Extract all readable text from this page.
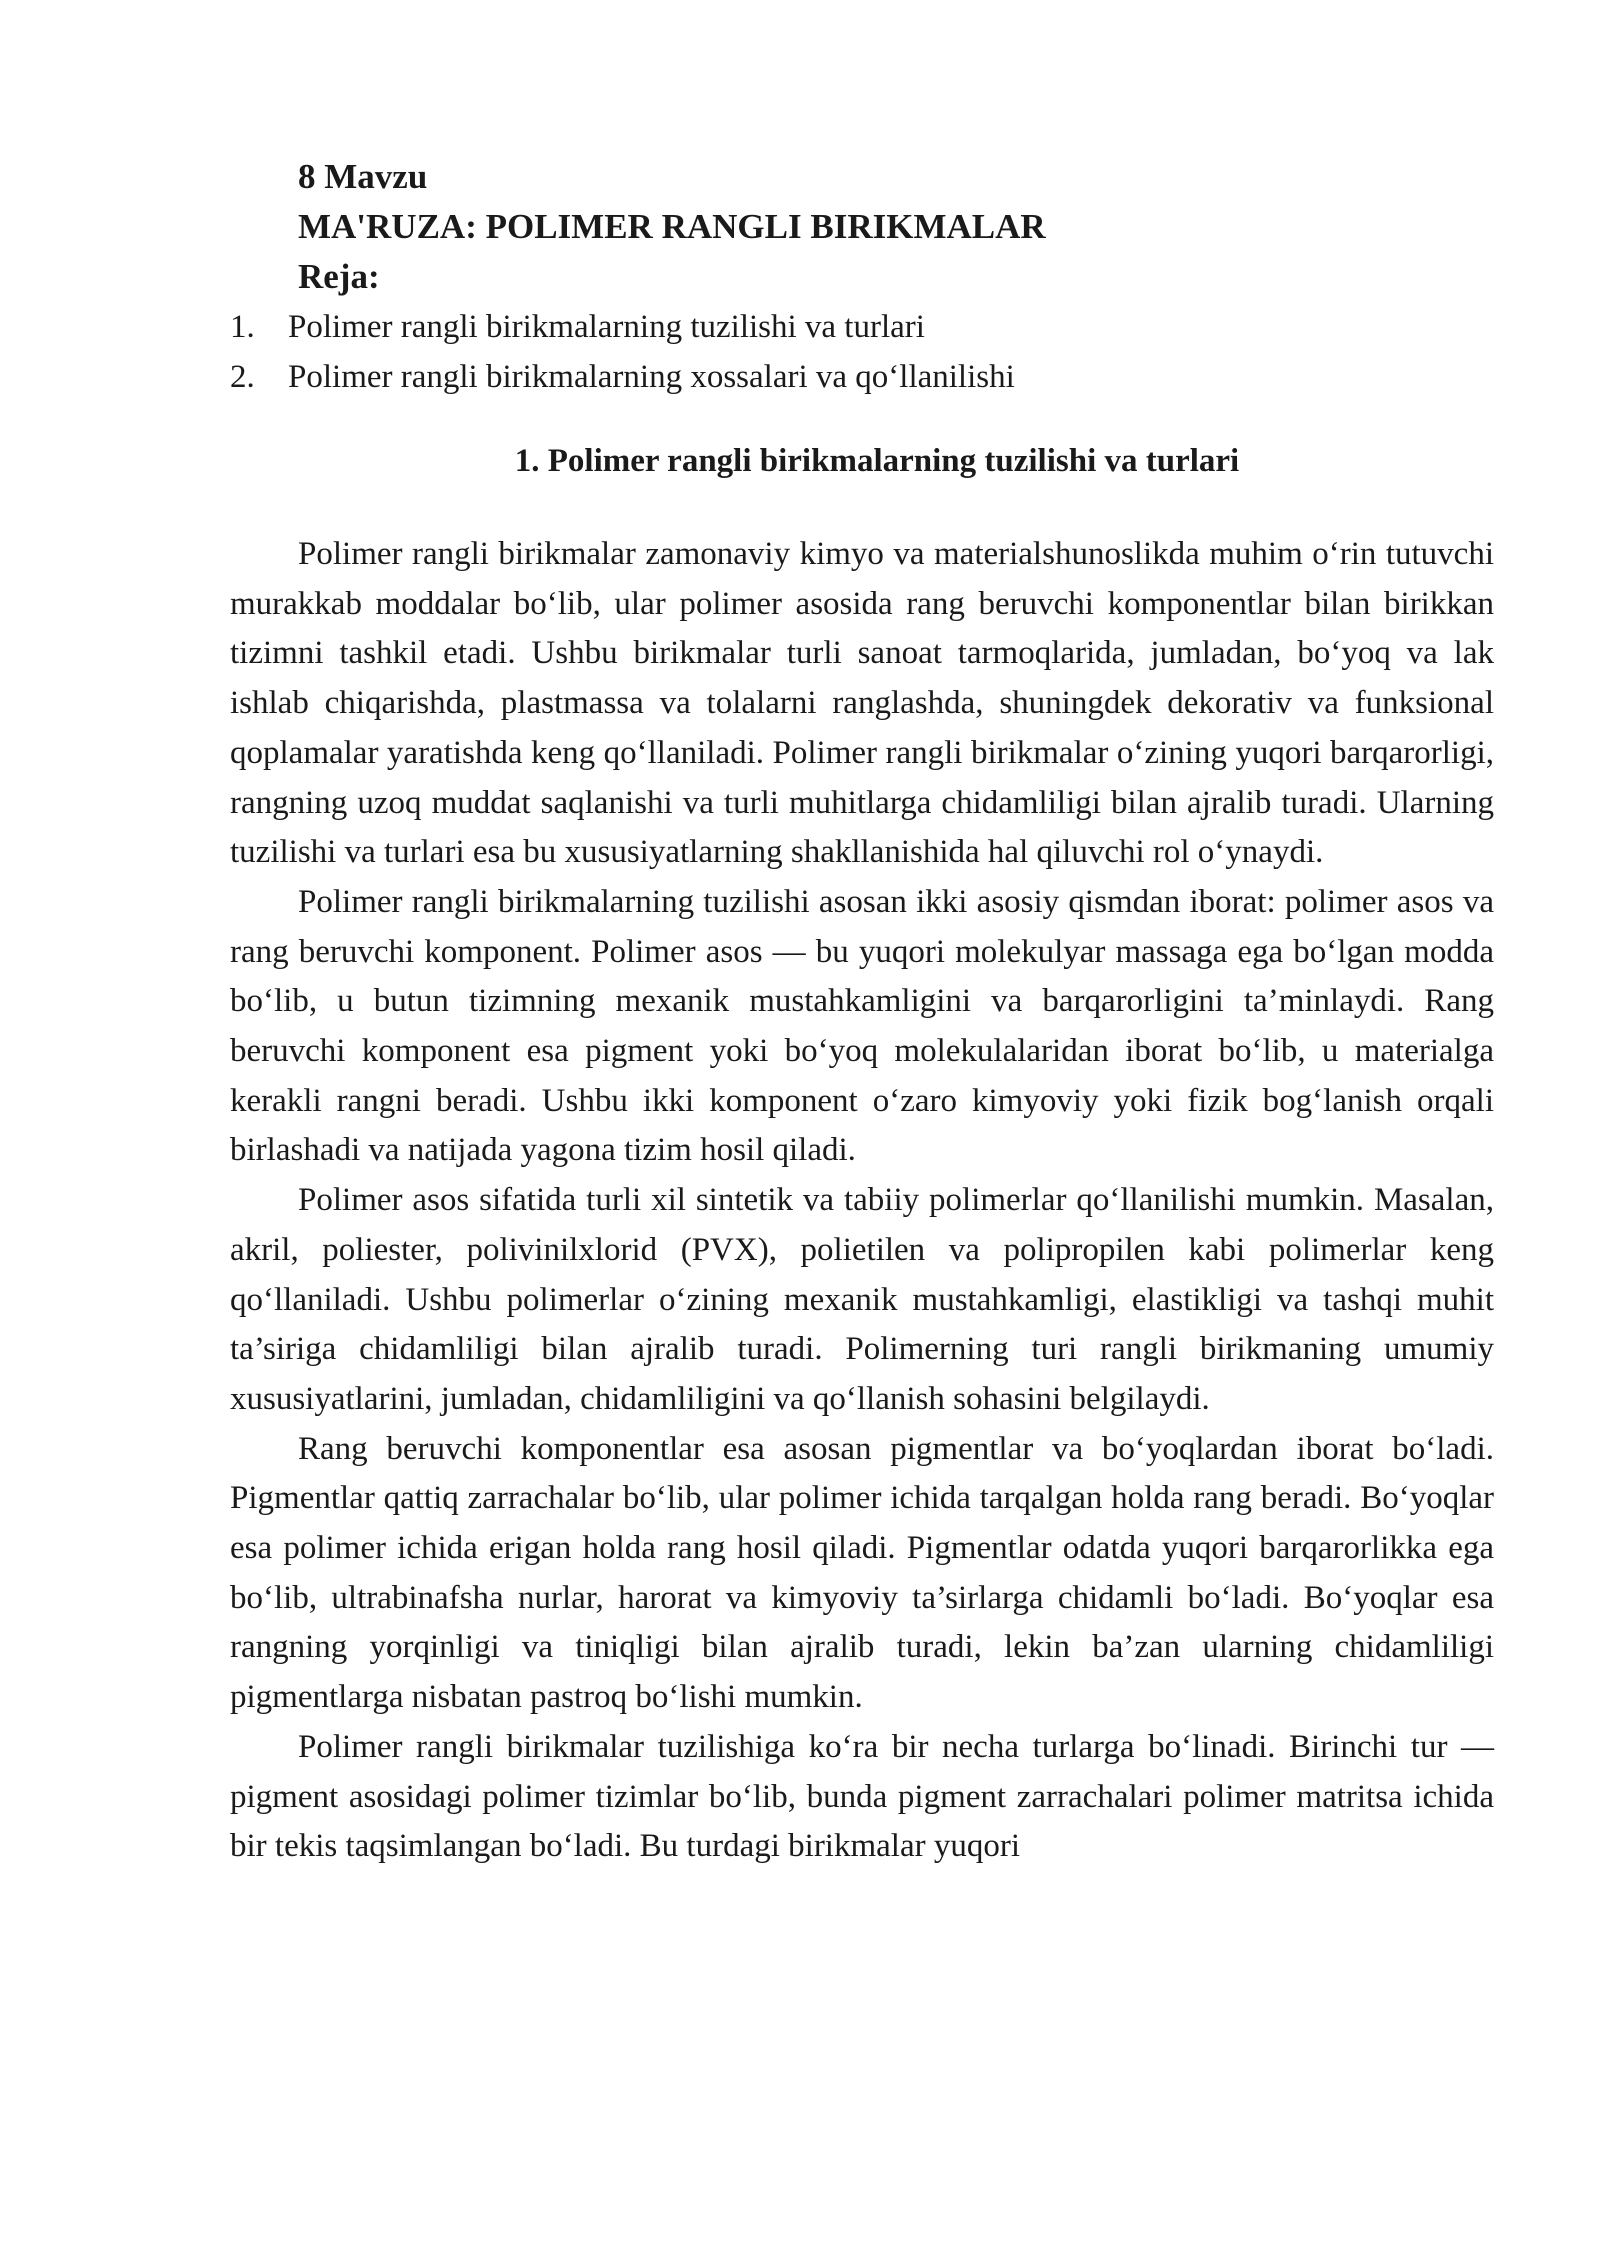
8 Mavzu
MA'RUZA: POLIMER RANGLI BIRIKMALAR
Reja:
1.	Polimer rangli birikmalarning tuzilishi va turlari
2.	Polimer rangli birikmalarning xossalari va qo‘llanilishi
1. Polimer rangli birikmalarning tuzilishi va turlari

Polimer rangli birikmalar zamonaviy kimyo va materialshunoslikda muhim o‘rin tutuvchi murakkab moddalar bo‘lib, ular polimer asosida rang beruvchi komponentlar bilan birikkan tizimni tashkil etadi. Ushbu birikmalar turli sanoat tarmoqlarida, jumladan, bo‘yoq va lak ishlab chiqarishda, plastmassa va tolalarni ranglashda, shuningdek dekorativ va funksional qoplamalar yaratishda keng qo‘llaniladi. Polimer rangli birikmalar o‘zining yuqori barqarorligi, rangning uzoq muddat saqlanishi va turli muhitlarga chidamliligi bilan ajralib turadi. Ularning tuzilishi va turlari esa bu xususiyatlarning shakllanishida hal qiluvchi rol o‘ynaydi.

Polimer rangli birikmalarning tuzilishi asosan ikki asosiy qismdan iborat: polimer asos va rang beruvchi komponent. Polimer asos — bu yuqori molekulyar massaga ega bo‘lgan modda bo‘lib, u butun tizimning mexanik mustahkamligini va barqarorligini ta’minlaydi. Rang beruvchi komponent esa pigment yoki bo‘yoq molekulalaridan iborat bo‘lib, u materialga kerakli rangni beradi. Ushbu ikki komponent o‘zaro kimyoviy yoki fizik bog‘lanish orqali birlashadi va natijada yagona tizim hosil qiladi.

Polimer asos sifatida turli xil sintetik va tabiiy polimerlar qo‘llanilishi mumkin. Masalan, akril, poliester, polivinilxlorid (PVX), polietilen va polipropilen kabi polimerlar keng qo‘llaniladi. Ushbu polimerlar o‘zining mexanik mustahkamligi, elastikligi va tashqi muhit ta’siriga chidamliligi bilan ajralib turadi. Polimerning turi rangli birikmaning umumiy xususiyatlarini, jumladan, chidamliligini va qo‘llanish sohasini belgilaydi.

Rang beruvchi komponentlar esa asosan pigmentlar va bo‘yoqlardan iborat bo‘ladi. Pigmentlar qattiq zarrachalar bo‘lib, ular polimer ichida tarqalgan holda rang beradi. Bo‘yoqlar esa polimer ichida erigan holda rang hosil qiladi. Pigmentlar odatda yuqori barqarorlikka ega bo‘lib, ultrabinafsha nurlar, harorat va kimyoviy ta’sirlarga chidamli bo‘ladi. Bo‘yoqlar esa rangning yorqinligi va tiniqligi bilan ajralib turadi, lekin ba’zan ularning chidamliligi pigmentlarga nisbatan pastroq bo‘lishi mumkin.

Polimer rangli birikmalar tuzilishiga ko‘ra bir necha turlarga bo‘linadi. Birinchi tur — pigment asosidagi polimer tizimlar bo‘lib, bunda pigment zarrachalari polimer matritsa ichida bir tekis taqsimlangan bo‘ladi. Bu turdagi birikmalar yuqori
